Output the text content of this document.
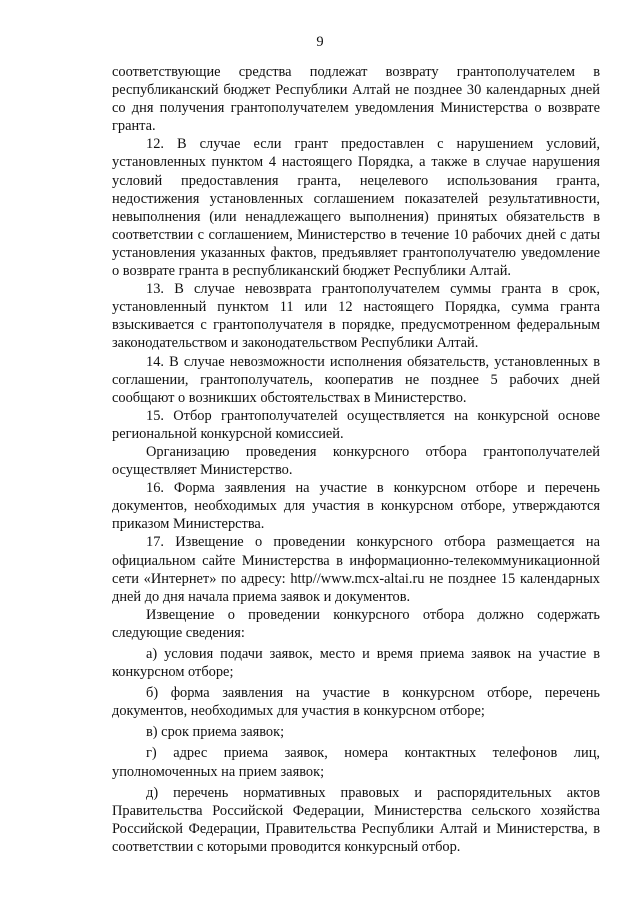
9

соответствующие средства подлежат возврату грантополучателем в республиканский бюджет Республики Алтай не позднее 30 календарных дней со дня получения грантополучателем уведомления Министерства о возврате гранта.

12. В случае если грант предоставлен с нарушением условий, установленных пунктом 4 настоящего Порядка, а также в случае нарушения условий предоставления гранта, нецелевого использования гранта, недостижения установленных соглашением показателей результативности, невыполнения (или ненадлежащего выполнения) принятых обязательств в соответствии с соглашением, Министерство в течение 10 рабочих дней с даты установления указанных фактов, предъявляет грантополучателю уведомление о возврате гранта в республиканский бюджет Республики Алтай.

13. В случае невозврата грантополучателем суммы гранта в срок, установленный пунктом 11 или 12 настоящего Порядка, сумма гранта взыскивается с грантополучателя в порядке, предусмотренном федеральным законодательством и законодательством Республики Алтай.

14. В случае невозможности исполнения обязательств, установленных в соглашении, грантополучатель, кооператив не позднее 5 рабочих дней сообщают о возникших обстоятельствах в Министерство.

15. Отбор грантополучателей осуществляется на конкурсной основе региональной конкурсной комиссией.

Организацию проведения конкурсного отбора грантополучателей осуществляет Министерство.

16. Форма заявления на участие в конкурсном отборе и перечень документов, необходимых для участия в конкурсном отборе, утверждаются приказом Министерства.

17. Извещение о проведении конкурсного отбора размещается на официальном сайте Министерства в информационно-телекоммуникационной сети «Интернет» по адресу: http//www.mcx-altai.ru не позднее 15 календарных дней до дня начала приема заявок и документов.

Извещение о проведении конкурсного отбора должно содержать следующие сведения:

а) условия подачи заявок, место и время приема заявок на участие в конкурсном отборе;

б) форма заявления на участие в конкурсном отборе, перечень документов, необходимых для участия в конкурсном отборе;

в) срок приема заявок;

г) адрес приема заявок, номера контактных телефонов лиц, уполномоченных на прием заявок;

д) перечень нормативных правовых и распорядительных актов Правительства Российской Федерации, Министерства сельского хозяйства Российской Федерации, Правительства Республики Алтай и Министерства, в соответствии с которыми проводится конкурсный отбор.
